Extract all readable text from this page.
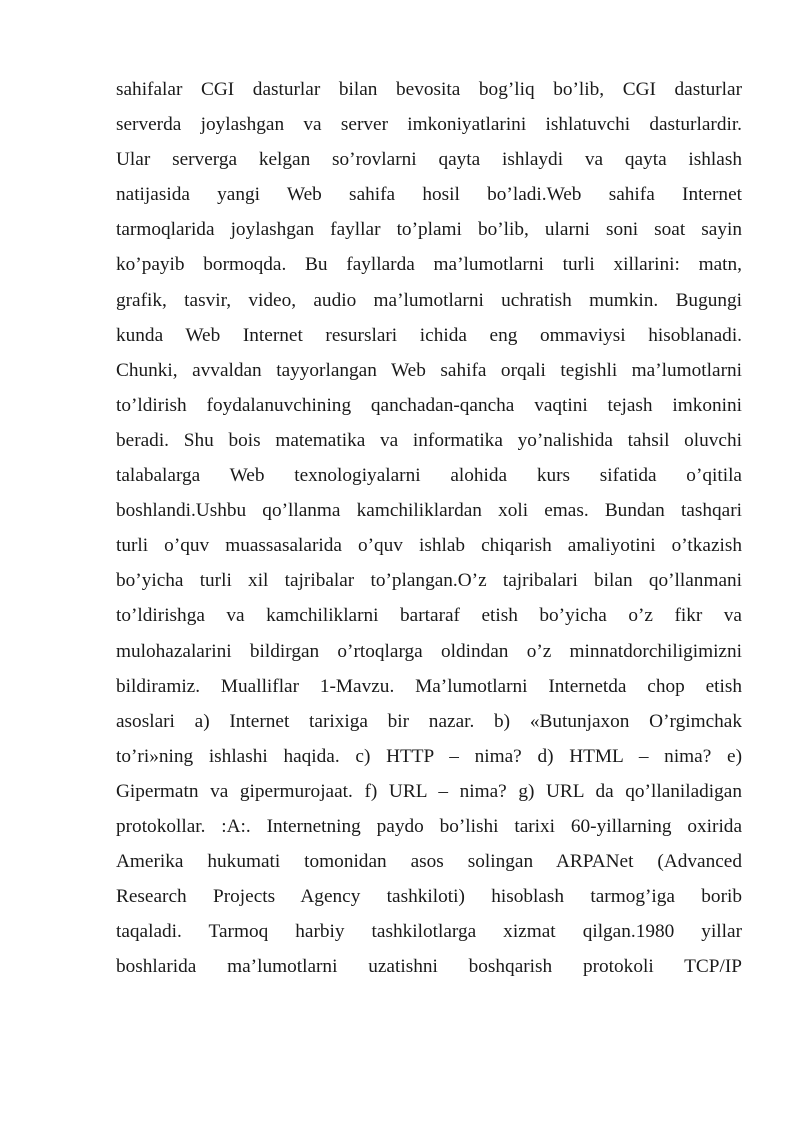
sahifalar CGI dasturlar bilan bevosita bog’liq bo’lib, CGI dasturlar
serverda joylashgan va server imkoniyatlarini ishlatuvchi dasturlardir.
Ular serverga kelgan so’rovlarni qayta ishlaydi va qayta ishlash
natijasida yangi Web sahifa hosil bo’ladi.Web sahifa Internet
tarmoqlarida joylashgan fayllar to’plami bo’lib, ularni soni soat sayin
ko’payib bormoqda. Bu fayllarda ma’lumotlarni turli xillarini: matn,
grafik, tasvir, video, audio ma’lumotlarni uchratish mumkin. Bugungi
kunda Web Internet resurslari ichida eng ommaviysi hisoblanadi.
Chunki, avvaldan tayyorlangan Web sahifa orqali tegishli ma’lumotlarni
to’ldirish foydalanuvchining qanchadan-qancha vaqtini tejash imkonini
beradi. Shu bois matematika va informatika yo’nalishida tahsil oluvchi
talabalarga Web texnologiyalarni alohida kurs sifatida o’qitila
boshlandi.Ushbu qo’llanma kamchiliklardan xoli emas. Bundan tashqari
turli o’quv muassasalarida o’quv ishlab chiqarish amaliyotini o’tkazish
bo’yicha turli xil tajribalar to’plangan.O’z tajribalari bilan qo’llanmani
to’ldirishga va kamchiliklarni bartaraf etish bo’yicha o’z fikr va
mulohazalarini bildirgan o’rtoqlarga oldindan o’z minnatdorchiligimizni
bildiramiz. Mualliflar 1-Mavzu. Ma’lumotlarni Internetda chop etish
asoslari a) Internet tarixiga bir nazar. b) «Butunjaxon O’rgimchak
to’ri»ning ishlashi haqida. c) HTTP – nima? d) HTML – nima? e)
Gipermatn va gipermurojaat. f) URL – nima? g) URL da qo’llaniladigan
protokollar. :A:. Internetning paydo bo’lishi tarixi 60-yillarning oxirida
Amerika hukumati tomonidan asos solingan ARPANet (Advanced
Research Projects Agency tashkiloti) hisoblash tarmog’iga borib
taqaladi. Tarmoq harbiy tashkilotlarga xizmat qilgan.1980 yillar
boshlarida ma’lumotlarni uzatishni boshqarish protokoli TCP/IP
